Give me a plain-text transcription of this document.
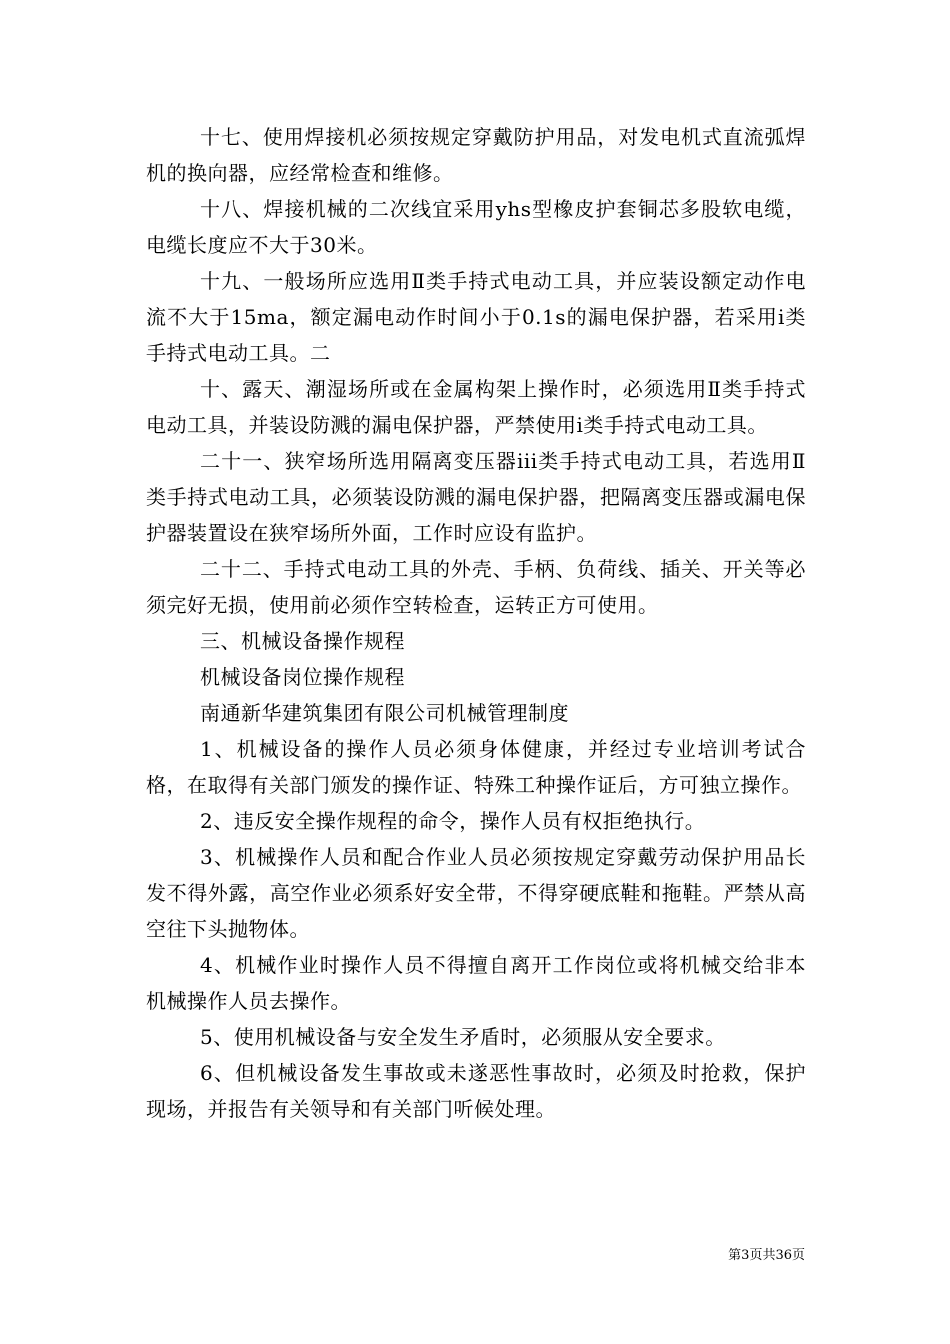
十七、使用焊接机必须按规定穿戴防护用品，对发电机式直流弧焊机的换向器，应经常检查和维修。

十八、焊接机械的二次线宜采用yhs型橡皮护套铜芯多股软电缆，电缆长度应不大于30米。

十九、一般场所应选用Ⅱ类手持式电动工具，并应装设额定动作电流不大于15ma，额定漏电动作时间小于0.1s的漏电保护器，若采用i类手持式电动工具。二

十、露天、潮湿场所或在金属构架上操作时，必须选用Ⅱ类手持式电动工具，并装设防溅的漏电保护器，严禁使用i类手持式电动工具。

二十一、狭窄场所选用隔离变压器iii类手持式电动工具，若选用Ⅱ类手持式电动工具，必须装设防溅的漏电保护器，把隔离变压器或漏电保护器装置设在狭窄场所外面，工作时应设有监护。

二十二、手持式电动工具的外壳、手柄、负荷线、插关、开关等必须完好无损，使用前必须作空转检查，运转正方可使用。

三、机械设备操作规程

机械设备岗位操作规程

南通新华建筑集团有限公司机械管理制度

1、机械设备的操作人员必须身体健康，并经过专业培训考试合格，在取得有关部门颁发的操作证、特殊工种操作证后，方可独立操作。

2、违反安全操作规程的命令，操作人员有权拒绝执行。

3、机械操作人员和配合作业人员必须按规定穿戴劳动保护用品长发不得外露，高空作业必须系好安全带，不得穿硬底鞋和拖鞋。严禁从高空往下头抛物体。

4、机械作业时操作人员不得擅自离开工作岗位或将机械交给非本机械操作人员去操作。

5、使用机械设备与安全发生矛盾时，必须服从安全要求。

6、但机械设备发生事故或未遂恶性事故时，必须及时抢救，保护现场，并报告有关领导和有关部门听候处理。

第3页共36页
